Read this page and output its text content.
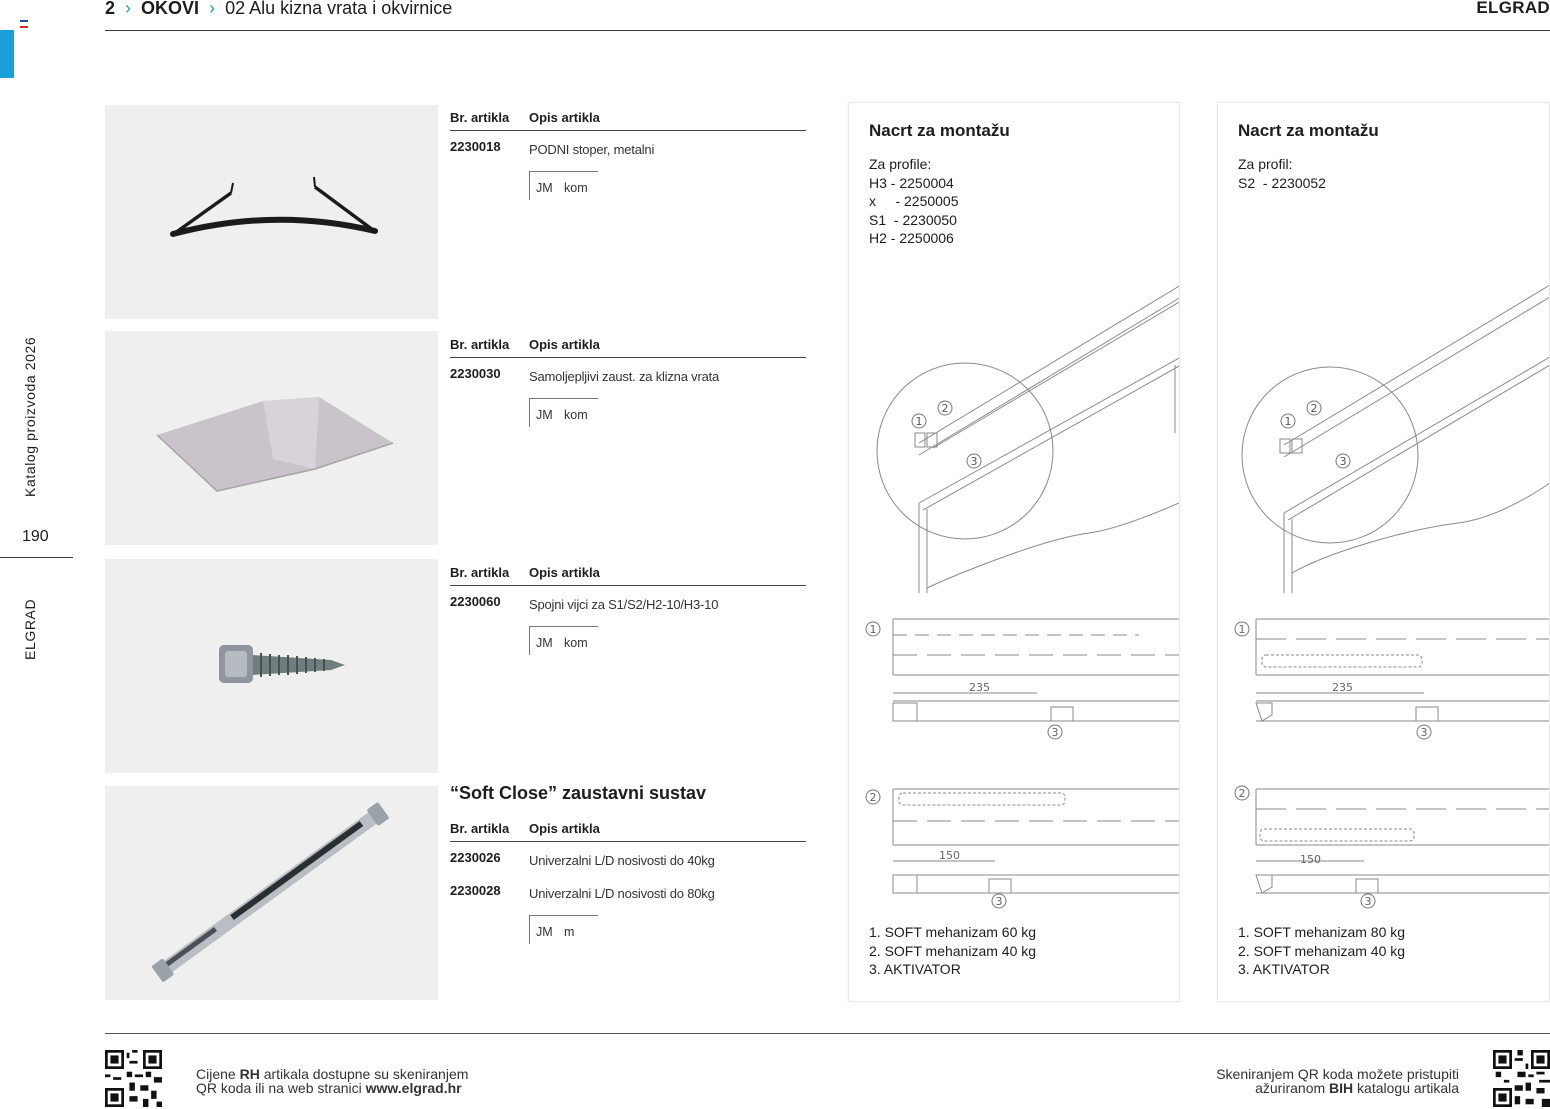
2  ›  OKOVI  ›  02 Alu kizna vrata i okvirnice	ELGRAD
Katalog proizvoda 2026
190
ELGRAD
Br. artikla Opis artikla
2230018 PODNI stoper, metalni
JM kom
Br. artikla Opis artikla
2230030 Samoljepljivi zaust. za klizna vrata
JM kom
Br. artikla Opis artikla
2230060 Spojni vijci za S1/S2/H2-10/H3-10
JM kom
“Soft Close” zaustavni sustav
Br. artikla Opis artikla
2230026 Univerzalni L/D nosivosti do 40kg
2230028 Univerzalni L/D nosivosti do 80kg
JM m
Nacrt za montažu
Za profile:
H3 - 2250004
x     - 2250005
S1  - 2230050
H2 - 2250006
1
2
3
1
3
235
2
150
3
1. SOFT mehanizam 60 kg
2. SOFT mehanizam 40 kg
3. AKTIVATOR
Nacrt za montažu
Za profil:
S2  - 2230052
1
2
3
1
3
235
2
150
3
1. SOFT mehanizam 80 kg
2. SOFT mehanizam 40 kg
3. AKTIVATOR
Cijene RH artikala dostupne su skeniranjem
QR koda ili na web stranici www.elgrad.hr
Skeniranjem QR koda možete pristupiti
ažuriranom BIH katalogu artikala
